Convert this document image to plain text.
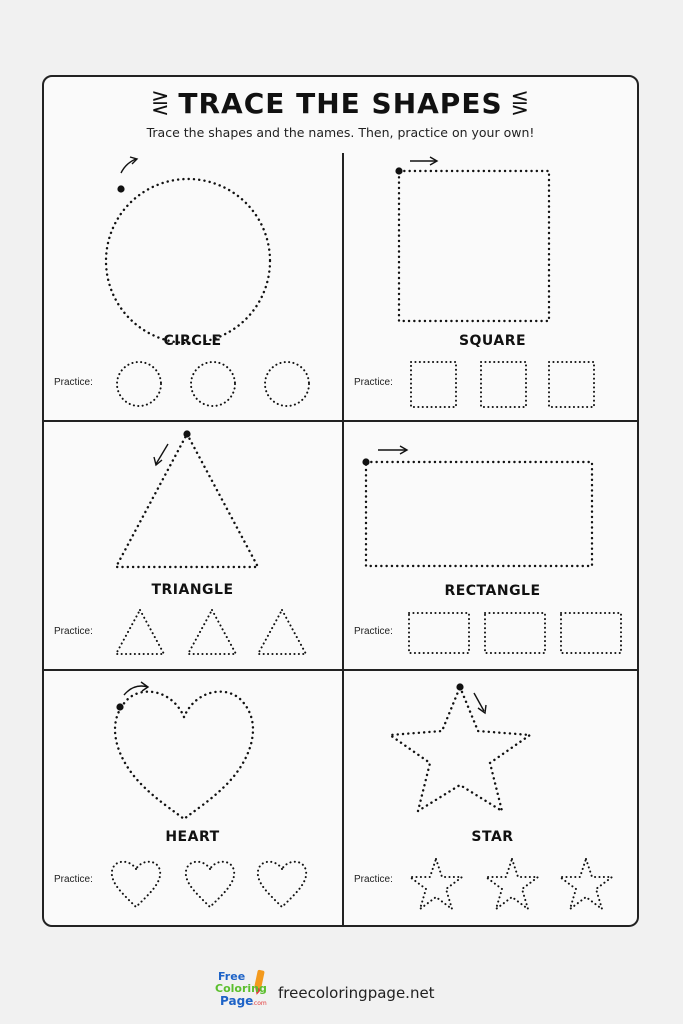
⋛ TRACE THE SHAPES ⋚
Trace the shapes and the names. Then, practice on your own!
CIRCLE
Practice:
SQUARE
Practice:
TRIANGLE
Practice:
RECTANGLE
Practice:
HEART
Practice:
STAR
Practice:
Free
Coloring
Page
.com
freecoloringpage.net
